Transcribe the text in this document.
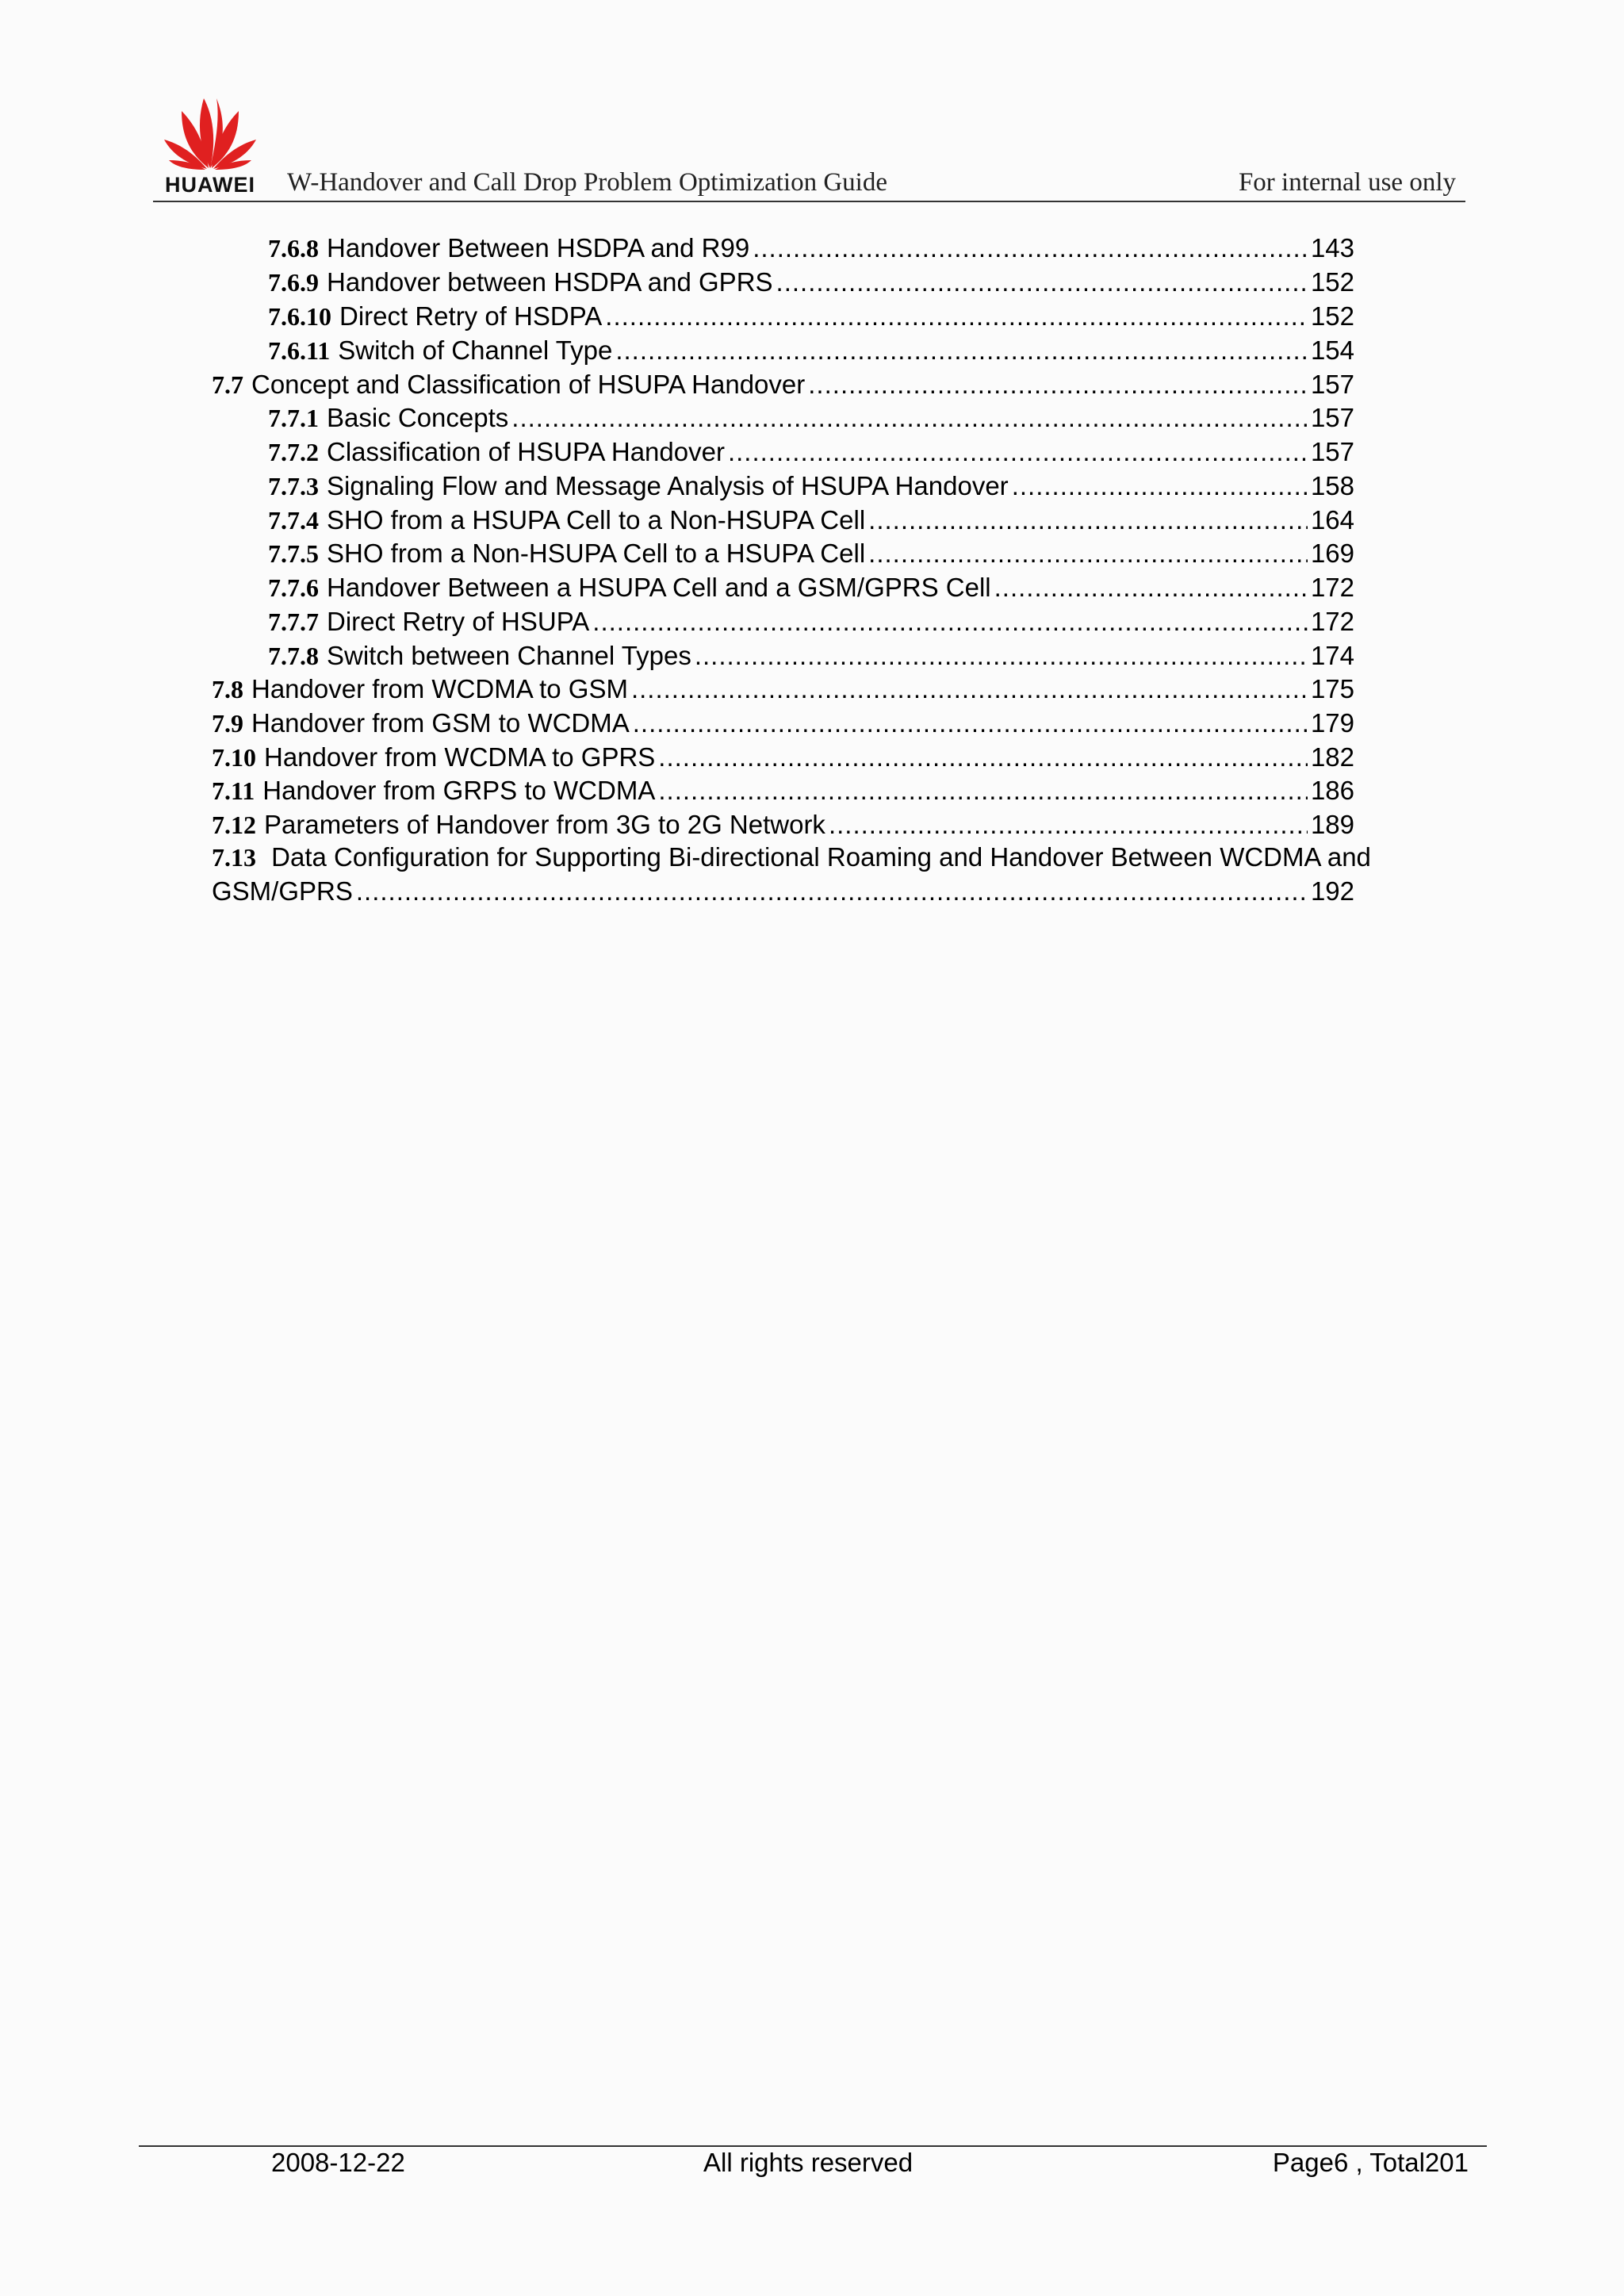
HUAWEI	W-Handover and Call Drop Problem Optimization Guide	For internal use only
7.6.8 Handover Between HSDPA and R99 .....	143
7.6.9 Handover between HSDPA and GPRS .....	152
7.6.10 Direct Retry of HSDPA .....	152
7.6.11 Switch of Channel Type .....	154
7.7 Concept and Classification of HSUPA Handover .....	157
7.7.1 Basic Concepts .....	157
7.7.2 Classification of HSUPA Handover .....	157
7.7.3 Signaling Flow and Message Analysis of HSUPA Handover .....	158
7.7.4 SHO from a HSUPA Cell to a Non-HSUPA Cell .....	164
7.7.5 SHO from a Non-HSUPA Cell to a HSUPA Cell .....	169
7.7.6 Handover Between a HSUPA Cell and a GSM/GPRS Cell .....	172
7.7.7 Direct Retry of HSUPA .....	172
7.7.8 Switch between Channel Types .....	174
7.8 Handover from WCDMA to GSM .....	175
7.9 Handover from GSM to WCDMA .....	179
7.10 Handover from WCDMA to GPRS .....	182
7.11 Handover from GRPS to WCDMA .....	186
7.12 Parameters of Handover from 3G to 2G Network .....	189
7.13 Data Configuration for Supporting Bi-directional Roaming and Handover Between WCDMA and
GSM/GPRS .....	192
2008-12-22	All rights reserved	Page6 , Total201
